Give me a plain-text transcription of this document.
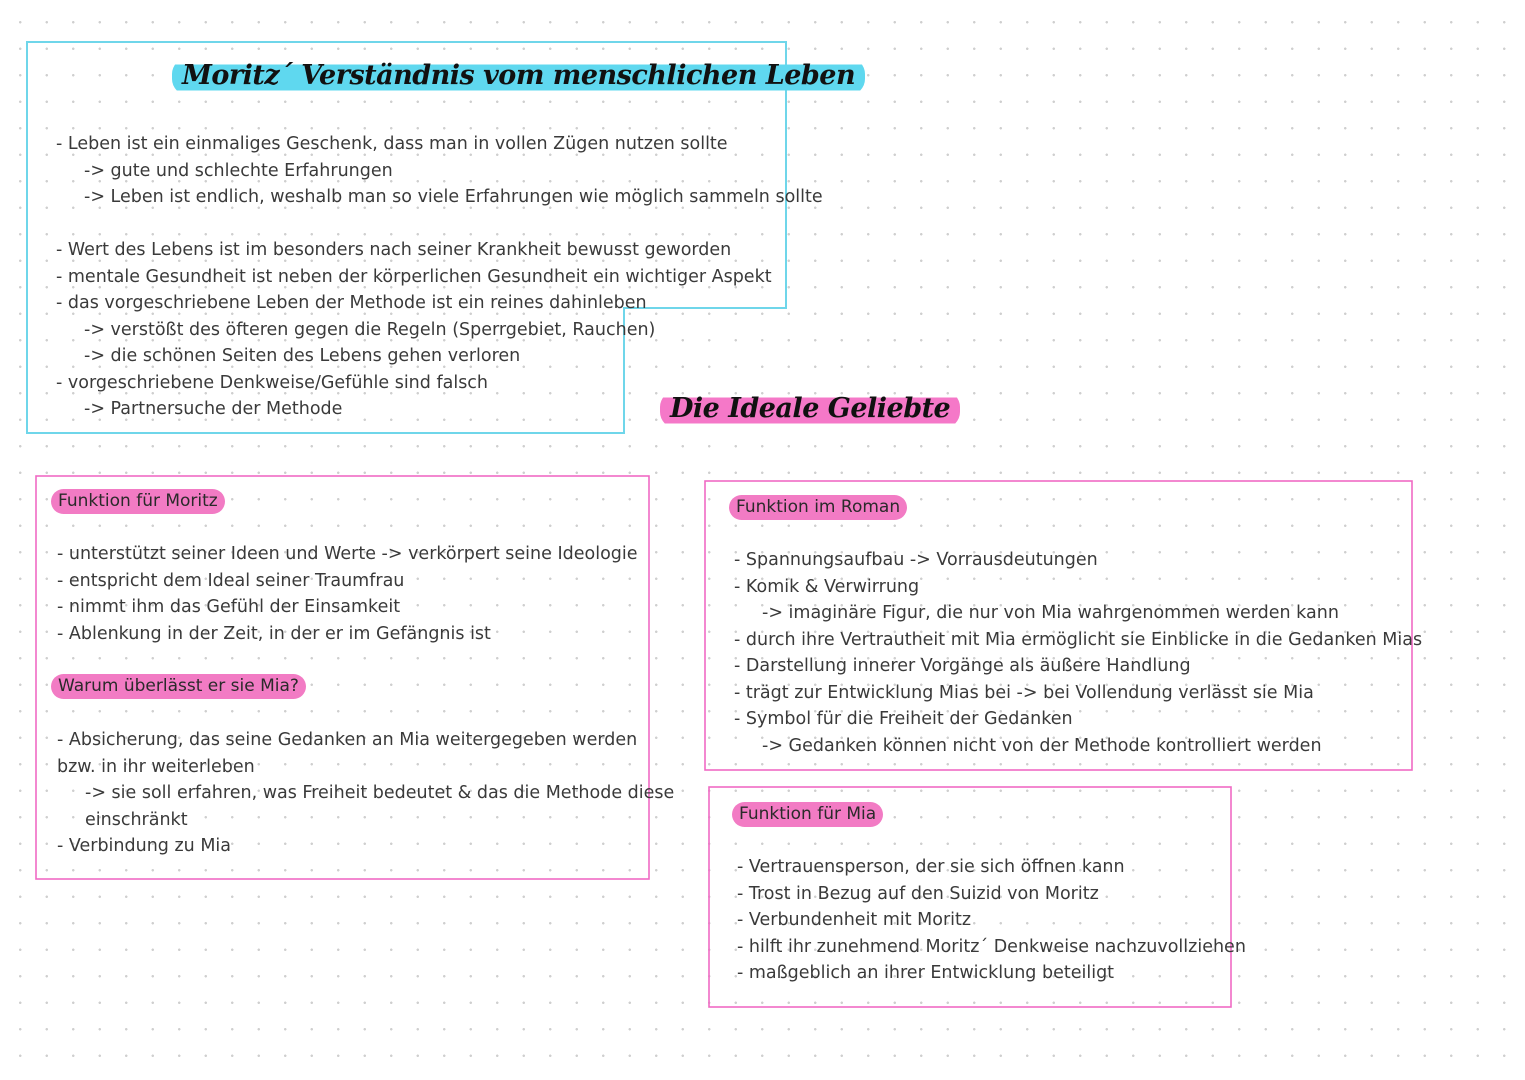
Moritz´ Verständnis vom menschlichen Leben
- Leben ist ein einmaliges Geschenk, dass man in vollen Zügen nutzen sollte
-> gute und schlechte Erfahrungen
-> Leben ist endlich, weshalb man so viele Erfahrungen wie möglich sammeln sollte

- Wert des Lebens ist im besonders nach seiner Krankheit bewusst geworden
- mentale Gesundheit ist neben der körperlichen Gesundheit ein wichtiger Aspekt
- das vorgeschriebene Leben der Methode ist ein reines dahinleben
-> verstößt des öfteren gegen die Regeln (Sperrgebiet, Rauchen)
-> die schönen Seiten des Lebens gehen verloren
- vorgeschriebene Denkweise/Gefühle sind falsch
-> Partnersuche der Methode	Die Ideale Geliebte
Funktion für Moritz
- unterstützt seiner Ideen und Werte -> verkörpert seine Ideologie
- entspricht dem Ideal seiner Traumfrau
- nimmt ihm das Gefühl der Einsamkeit
- Ablenkung in der Zeit, in der er im Gefängnis ist
Warum überlässt er sie Mia?
- Absicherung, das seine Gedanken an Mia weitergegeben werden
bzw. in ihr weiterleben
-> sie soll erfahren, was Freiheit bedeutet & das die Methode diese
einschränkt
- Verbindung zu Mia
Funktion im Roman
- Spannungsaufbau -> Vorrausdeutungen
- Komik & Verwirrung
-> imaginäre Figur, die nur von Mia wahrgenommen werden kann
- durch ihre Vertrautheit mit Mia ermöglicht sie Einblicke in die Gedanken Mias
- Darstellung innerer Vorgänge als äußere Handlung
- trägt zur Entwicklung Mias bei -> bei Vollendung verlässt sie Mia
- Symbol für die Freiheit der Gedanken
-> Gedanken können nicht von der Methode kontrolliert werden
Funktion für Mia
- Vertrauensperson, der sie sich öffnen kann
- Trost in Bezug auf den Suizid von Moritz
- Verbundenheit mit Moritz
- hilft ihr zunehmend Moritz´ Denkweise nachzuvollziehen
- maßgeblich an ihrer Entwicklung beteiligt
